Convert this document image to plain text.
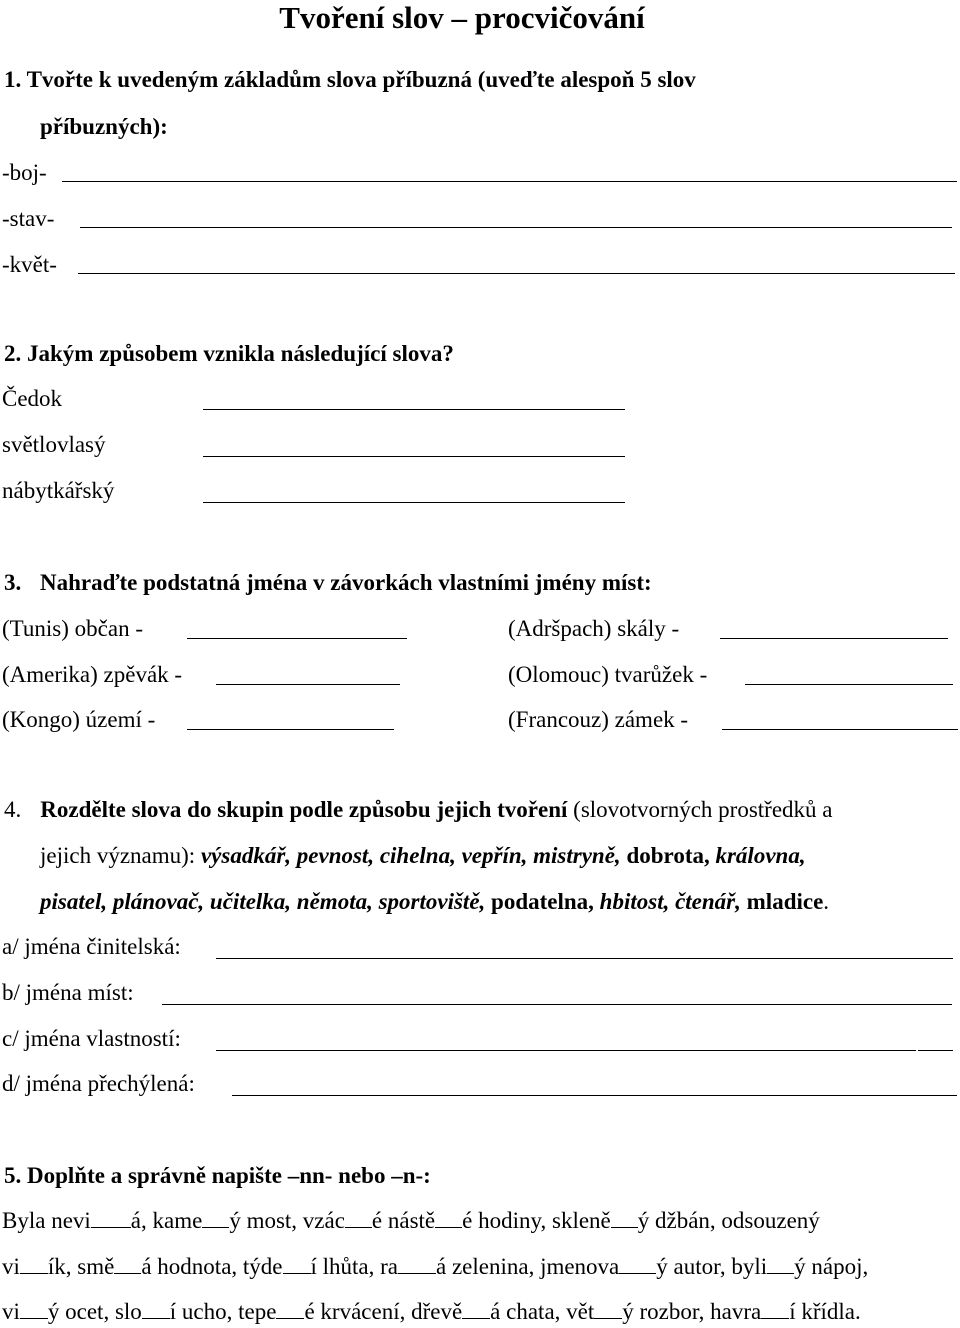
Tvoření slov – procvičování
1. Tvořte k uvedeným základům slova příbuzná (uveďte alespoň 5 slov
příbuzných):
-boj-
-stav-
-květ-
2. Jakým způsobem vznikla následující slova?
Čedok
světlovlasý
nábytkářský
3. Nahraďte podstatná jména v závorkách vlastními jmény míst:
(Tunis) občan -	(Adršpach) skály -
(Amerika) zpěvák -	(Olomouc) tvarůžek -
(Kongo) území -	(Francouz) zámek -
4. Rozdělte slova do skupin podle způsobu jejich tvoření (slovotvorných prostředků a
jejich významu): výsadkář, pevnost, cihelna, vepřín, mistryně, dobrota, královna,
pisatel, plánovač, učitelka, němota, sportoviště, podatelna, hbitost, čtenář, mladice.
a/ jména činitelská:
b/ jména míst:
c/ jména vlastností:
d/ jména přechýlená:
5. Doplňte a správně napište –nn- nebo –n-:
Byla nevi á, kame ý most, vzác é nástě é hodiny, skleně ý džbán, odsouzený
vi ík, smě á hodnota, týde í lhůta, ra á zelenina, jmenova ý autor, byli ý nápoj,
vi ý ocet, slo í ucho, tepe é krvácení, dřevě á chata, vět ý rozbor, havra í křídla.
